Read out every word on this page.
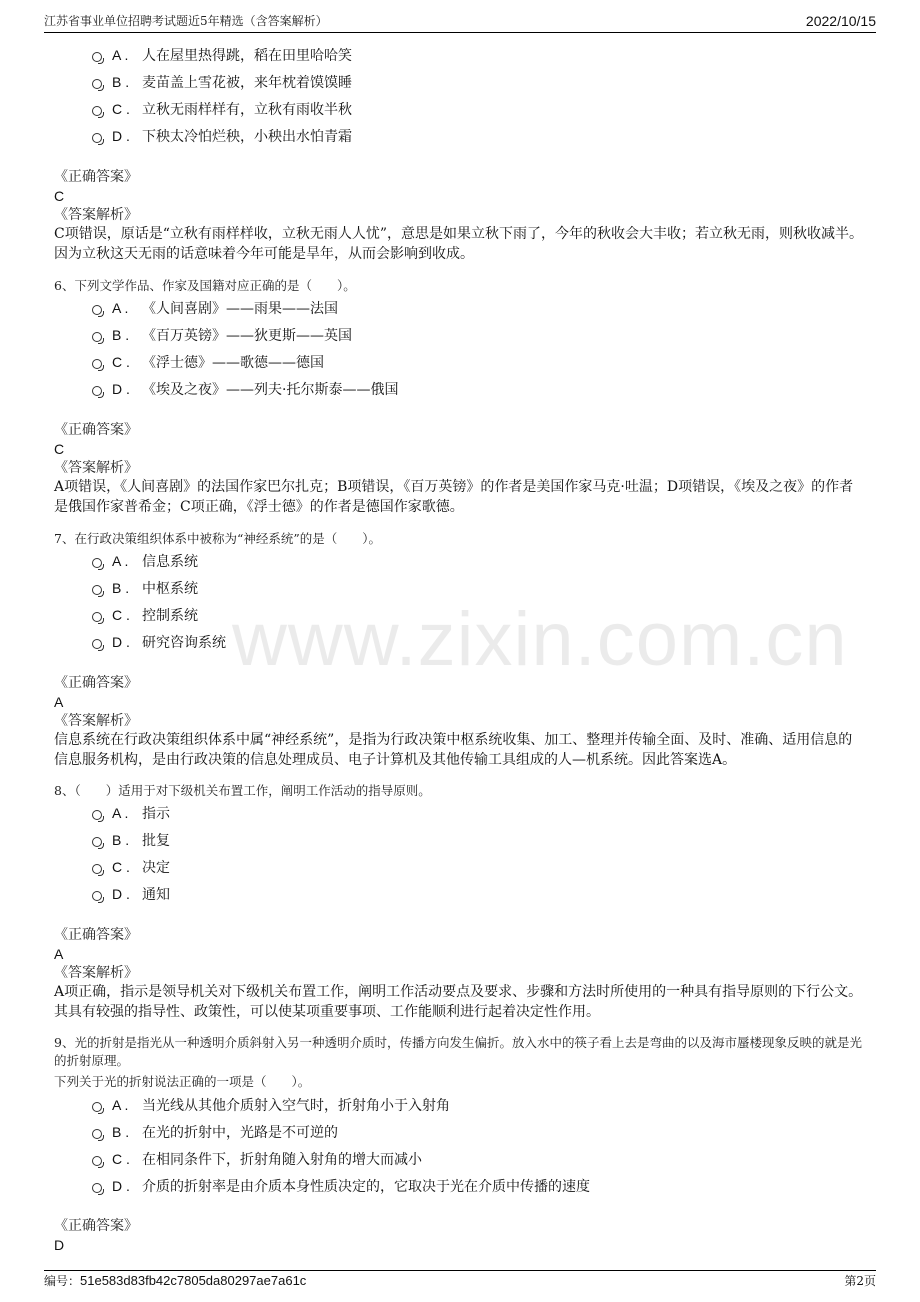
江苏省事业单位招聘考试题近5年精选（含答案解析）	2022/10/15
www.zixin.com.cn
A . 人在屋里热得跳，稻在田里哈哈笑
B . 麦苗盖上雪花被，来年枕着馍馍睡
C . 立秋无雨样样有，立秋有雨收半秋
D . 下秧太冷怕烂秧，小秧出水怕青霜
《正确答案》
C
《答案解析》
C项错误，原话是“立秋有雨样样收，立秋无雨人人忧”，意思是如果立秋下雨了，今年的秋收会大丰收；若立秋无雨，则秋收减半。因为立秋这天无雨的话意味着今年可能是旱年，从而会影响到收成。
6、下列文学作品、作家及国籍对应正确的是（　　）。
A . 《人间喜剧》——雨果——法国
B . 《百万英镑》——狄更斯——英国
C . 《浮士德》——歌德——德国
D . 《埃及之夜》——列夫·托尔斯泰——俄国
《正确答案》
C
《答案解析》
A项错误，《人间喜剧》的法国作家巴尔扎克；B项错误，《百万英镑》的作者是美国作家马克·吐温；D项错误，《埃及之夜》的作者是俄国作家普希金；C项正确，《浮士德》的作者是德国作家歌德。
7、在行政决策组织体系中被称为“神经系统”的是（　　）。
A . 信息系统
B . 中枢系统
C . 控制系统
D . 研究咨询系统
《正确答案》
A
《答案解析》
信息系统在行政决策组织体系中属“神经系统”，是指为行政决策中枢系统收集、加工、整理并传输全面、及时、准确、适用信息的信息服务机构，是由行政决策的信息处理成员、电子计算机及其他传输工具组成的人—机系统。因此答案选A。
8、（　　）适用于对下级机关布置工作，阐明工作活动的指导原则。
A . 指示
B . 批复
C . 决定
D . 通知
《正确答案》
A
《答案解析》
A项正确，指示是领导机关对下级机关布置工作，阐明工作活动要点及要求、步骤和方法时所使用的一种具有指导原则的下行公文。其具有较强的指导性、政策性，可以使某项重要事项、工作能顺利进行起着决定性作用。
9、光的折射是指光从一种透明介质斜射入另一种透明介质时，传播方向发生偏折。放入水中的筷子看上去是弯曲的以及海市蜃楼现象反映的就是光的折射原理。
下列关于光的折射说法正确的一项是（　　）。
A . 当光线从其他介质射入空气时，折射角小于入射角
B . 在光的折射中，光路是不可逆的
C . 在相同条件下，折射角随入射角的增大而减小
D . 介质的折射率是由介质本身性质决定的，它取决于光在介质中传播的速度
《正确答案》
D
编号：51e583d83fb42c7805da80297ae7a61c	第2页
